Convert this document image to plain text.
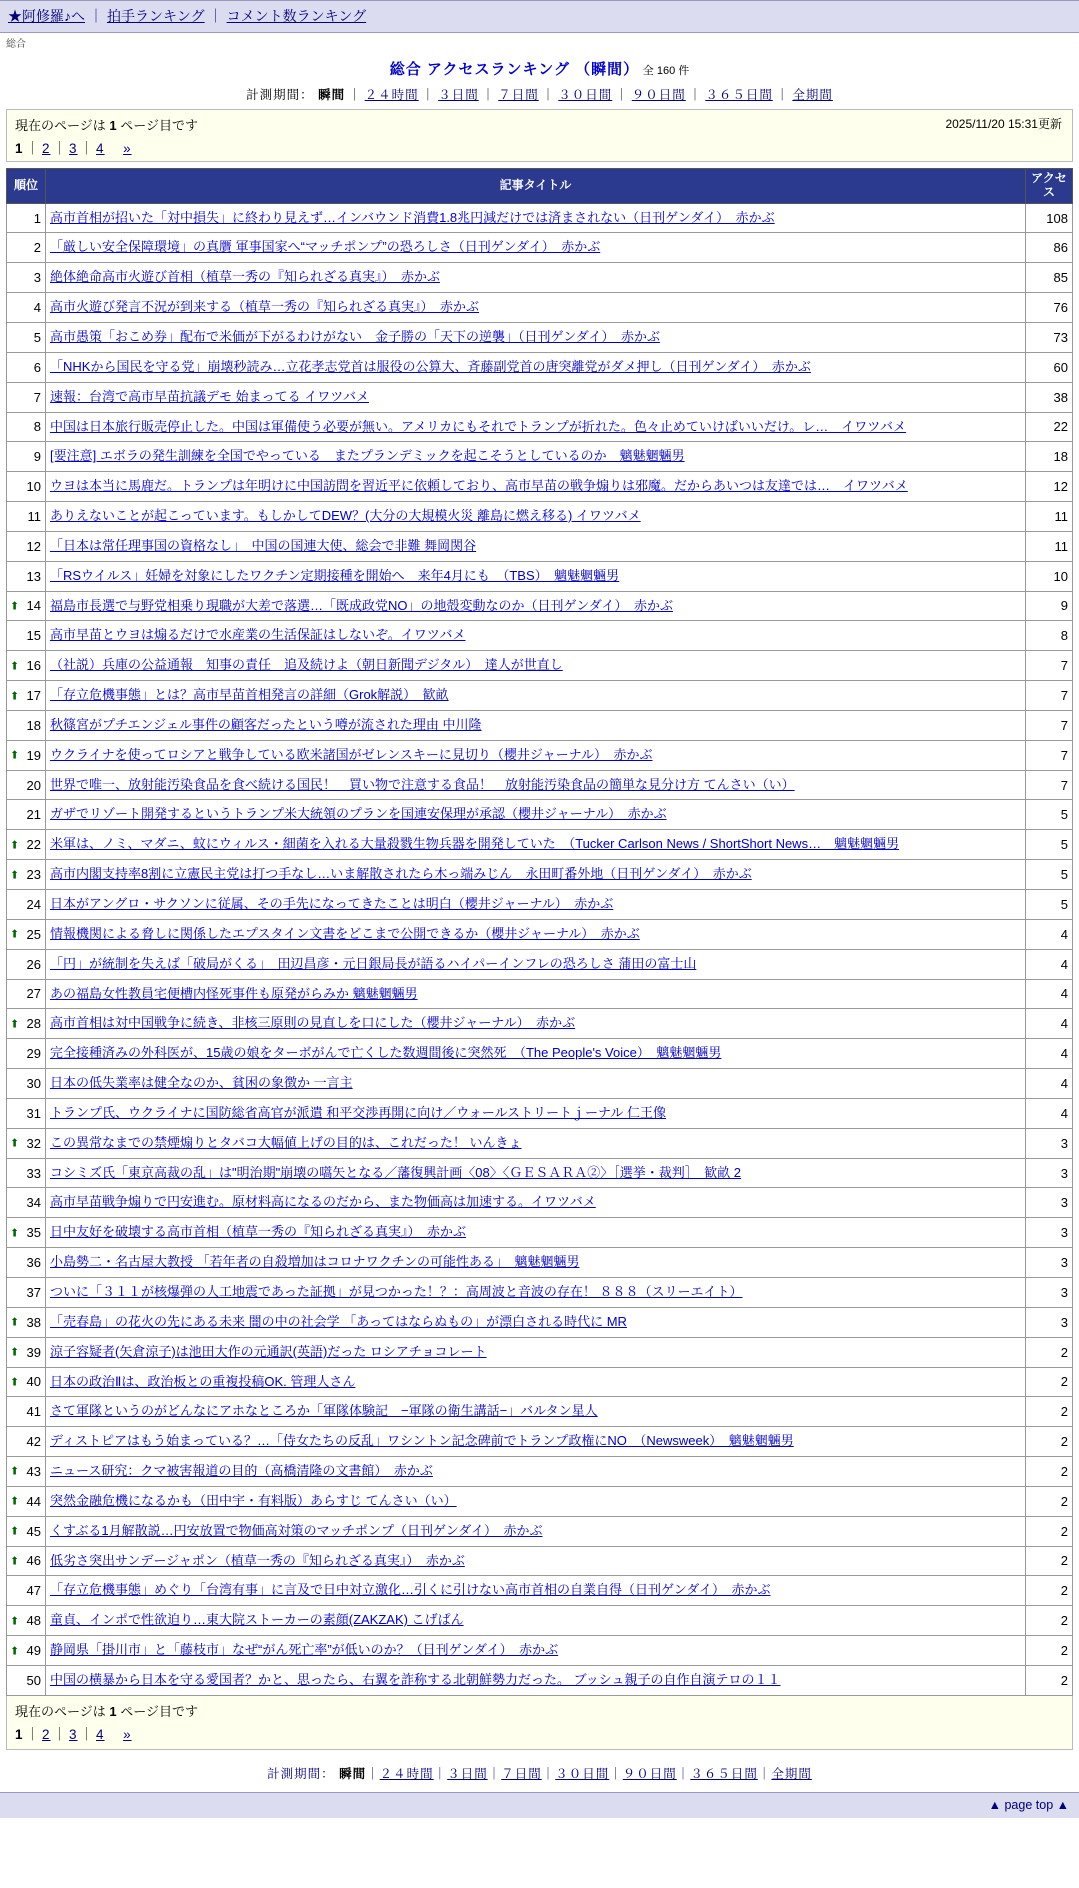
★阿修羅♪へ ｜ 拍手ランキング ｜ コメント数ランキング
総合
総合 アクセスランキング （瞬間） 全 160 件
計測期間： 瞬間 ｜ ２４時間 ｜ ３日間 ｜ ７日間 ｜ ３０日間 ｜ ９０日間 ｜ ３６５日間 ｜ 全期間
現在のページは 1 ページ目です	2025/11/20 15:31更新
1 ｜ 2 ｜ 3 ｜ 4　 »
順位	記事タイトル	アクセス
1	高市首相が招いた「対中損失」に終わり見えず…インバウンド消費1.8兆円減だけでは済まされない（日刊ゲンダイ）　赤かぶ	108
2	「厳しい安全保障環境」の真贋 軍事国家へ“マッチポンプ”の恐ろしさ（日刊ゲンダイ）　赤かぶ	86
3	絶体絶命高市火遊び首相（植草一秀の『知られざる真実』）　赤かぶ	85
4	高市火遊び発言不況が到来する（植草一秀の『知られざる真実』）　赤かぶ	76
5	高市愚策「おこめ券」配布で米価が下がるわけがない　金子勝の「天下の逆襲」（日刊ゲンダイ）　赤かぶ	73
6	「NHKから国民を守る党」崩壊秒読み…立花孝志党首は服役の公算大、斉藤副党首の唐突離党がダメ押し（日刊ゲンダイ）　赤かぶ	60
7	速報：台湾で高市早苗抗議デモ 始まってる イワツバメ	38
8	中国は日本旅行販売停止した。中国は軍備使う必要が無い。アメリカにもそれでトランプが折れた。色々止めていけばいいだけ。レ…　イワツバメ	22
9	[要注意] エボラの発生訓練を全国でやっている　またプランデミックを起こそうとしているのか　魑魅魍魎男	18
10	ウヨは本当に馬鹿だ。トランプは年明けに中国訪問を習近平に依頼しており、高市早苗の戦争煽りは邪魔。だからあいつは友達では…　イワツバメ	12
11	ありえないことが起こっています。もしかしてDEW？(大分の大規模火災 離島に燃え移る) イワツバメ	11
12	「日本は常任理事国の資格なし」　中国の国連大使、総会で非難 舞岡関谷	11
13	「RSウイルス」妊婦を対象にしたワクチン定期接種を開始へ　来年4月にも　（TBS）　魑魅魍魎男	10

⬆ 14	福島市長選で与野党相乗り現職が大差で落選…「既成政党NO」の地殻変動なのか（日刊ゲンダイ）　赤かぶ	9
15	高市早苗とウヨは煽るだけで水産業の生活保証はしないぞ。イワツバメ	8

⬆ 16	（社説）兵庫の公益通報　知事の責任　追及続けよ（朝日新聞デジタル）　達人が世直し	7

⬆ 17	「存立危機事態」とは？高市早苗首相発言の詳細（Grok解説）　歓畝	7
18	秋篠宮がプチエンジェル事件の顧客だったという噂が流された理由 中川隆	7

⬆ 19	ウクライナを使ってロシアと戦争している欧米諸国がゼレンスキーに見切り（櫻井ジャーナル）　赤かぶ	7
20	世界で唯一、放射能汚染食品を食べ続ける国民！　買い物で注意する食品！　放射能汚染食品の簡単な見分け方 てんさい（い）	7
21	ガザでリゾート開発するというトランプ米大統領のプランを国連安保理が承認（櫻井ジャーナル）　赤かぶ	5

⬆ 22	米軍は、ノミ、マダニ、蚊にウィルス・細菌を入れる大量殺戮生物兵器を開発していた　（Tucker Carlson News / ShortShort News…　魑魅魍魎男	5

⬆ 23	高市内閣支持率8割に立憲民主党は打つ手なし…いま解散されたら木っ端みじん　永田町番外地（日刊ゲンダイ）　赤かぶ	5
24	日本がアングロ・サクソンに従属、その手先になってきたことは明白（櫻井ジャーナル）　赤かぶ	5

⬆ 25	情報機関による脅しに関係したエプスタイン文書をどこまで公開できるか（櫻井ジャーナル）　赤かぶ	4
26	「円」が統制を失えば「破局がくる」　田辺昌彦・元日銀局長が語るハイパーインフレの恐ろしさ 蒲田の富士山	4
27	あの福島女性教員宅便槽内怪死事件も原発がらみか 魑魅魍魎男	4

⬆ 28	高市首相は対中国戦争に続き、非核三原則の見直しを口にした（櫻井ジャーナル）　赤かぶ	4
29	完全接種済みの外科医が、15歳の娘をターボがんで亡くした数週間後に突然死　（The People's Voice）　魑魅魍魎男	4
30	日本の低失業率は健全なのか、貧困の象徴か 一言主	4
31	トランプ氏、ウクライナに国防総省高官が派遣 和平交渉再開に向け／ウォールストリートｊーナル 仁王像	4

⬆ 32	この異常なまでの禁煙煽りとタバコ大幅値上げの目的は、これだった！ いんきょ	3
33	コシミズ氏「東京高裁の乱」は"明治期"崩壊の嚆矢となる／藩復興計画〈08〉〈ＧＥＳＡＲＡ②〉［選挙・裁判］　歓畝 2	3
34	高市早苗戦争煽りで円安進む。原材料高になるのだから、また物価高は加速する。イワツバメ	3

⬆ 35	日中友好を破壊する高市首相（植草一秀の『知られざる真実』）　赤かぶ	3
36	小島勢二・名古屋大教授 「若年者の自殺増加はコロナワクチンの可能性ある」　魑魅魍魎男	3
37	ついに「３１１が核爆弾の人工地震であった証拠」が見つかった！？：高周波と音波の存在！ ８８８（スリーエイト）	3

⬆ 38	「売春島」の花火の先にある未来 闇の中の社会学 「あってはならぬもの」が漂白される時代に MR	3

⬆ 39	涼子容疑者(矢倉涼子)は池田大作の元通訳(英語)だった ロシアチョコレート	2

⬆ 40	日本の政治Ⅱは、政治板との重複投稿OK. 管理人さん	2
41	さて軍隊というのがどんなにアホなところか「軍隊体験記　−軍隊の衛生講話−」バルタン星人	2
42	ディストピアはもう始まっている？…「侍女たちの反乱」ワシントン記念碑前でトランプ政権にNO　（Newsweek）　魑魅魍魎男	2

⬆ 43	ニュース研究：クマ被害報道の目的（高橋清隆の文書館）　赤かぶ	2

⬆ 44	突然金融危機になるかも（田中宇・有料版）あらすじ てんさい（い）	2

⬆ 45	くすぶる1月解散説…円安放置で物価高対策のマッチポンプ（日刊ゲンダイ）　赤かぶ	2

⬆ 46	低劣さ突出サンデージャポン（植草一秀の『知られざる真実』）　赤かぶ	2
47	「存立危機事態」めぐり「台湾有事」に言及で日中対立激化…引くに引けない高市首相の自業自得（日刊ゲンダイ）　赤かぶ	2

⬆ 48	童貞、インポで性欲迫り…東大院ストーカーの素顔(ZAKZAK) こげぱん	2

⬆ 49	静岡県「掛川市」と「藤枝市」なぜ“がん死亡率”が低いのか？（日刊ゲンダイ）　赤かぶ	2
50	中国の横暴から日本を守る愛国者？かと、思ったら、右翼を詐称する北朝鮮勢力だった。 ブッシュ親子の自作自演テロの１１	2
現在のページは 1 ページ目です
1 ｜ 2 ｜ 3 ｜ 4　 »
計測期間： 瞬間｜２４時間｜３日間｜７日間｜３０日間｜９０日間｜３６５日間｜全期間
▲ page top ▲
